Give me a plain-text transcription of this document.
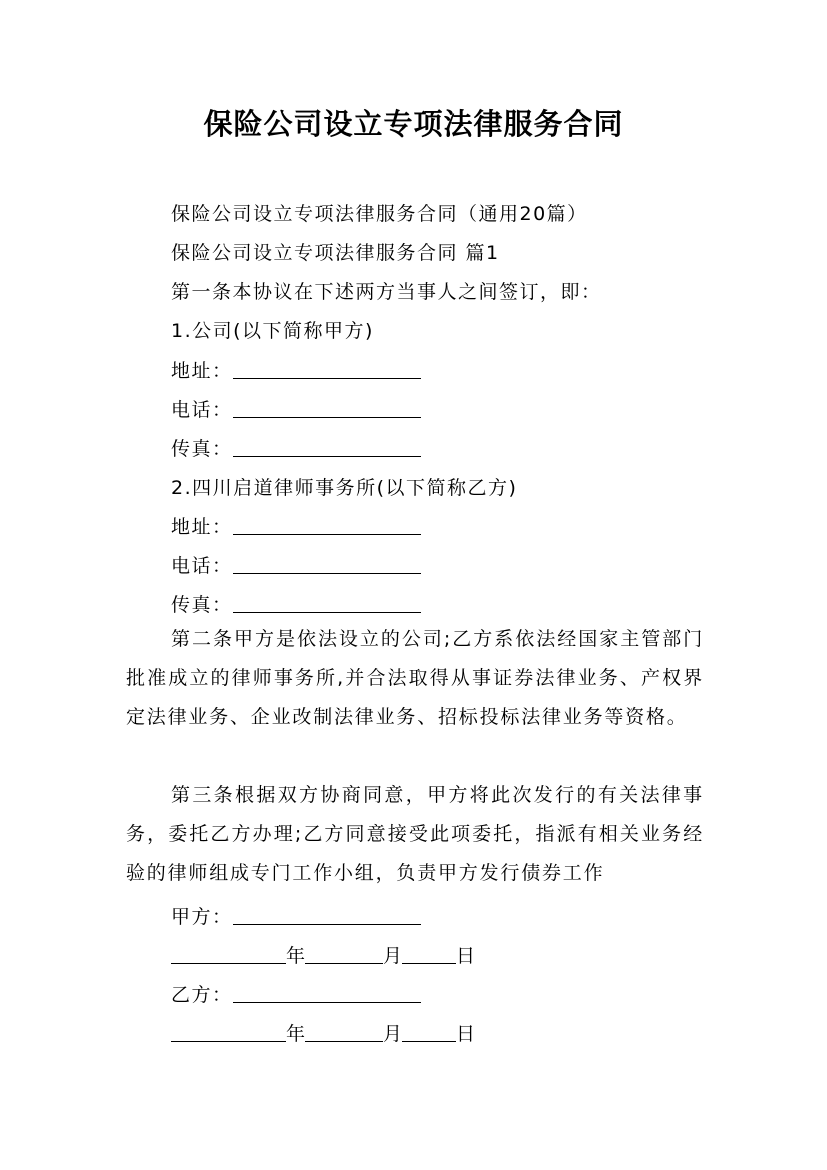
保险公司设立专项法律服务合同
保险公司设立专项法律服务合同（通用20篇）
保险公司设立专项法律服务合同 篇1
第一条本协议在下述两方当事人之间签订，即：
1.公司(以下简称甲方)
地址：
电话：
传真：
2.四川启道律师事务所(以下简称乙方)
地址：
电话：
传真：
第二条甲方是依法设立的公司;乙方系依法经国家主管部门批准成立的律师事务所,并合法取得从事证券法律业务、产权界定法律业务、企业改制法律业务、招标投标法律业务等资格。
第三条根据双方协商同意，甲方将此次发行的有关法律事务，委托乙方办理;乙方同意接受此项委托，指派有相关业务经验的律师组成专门工作小组，负责甲方发行债券工作
甲方：
年	月	日
乙方：
年	月	日
